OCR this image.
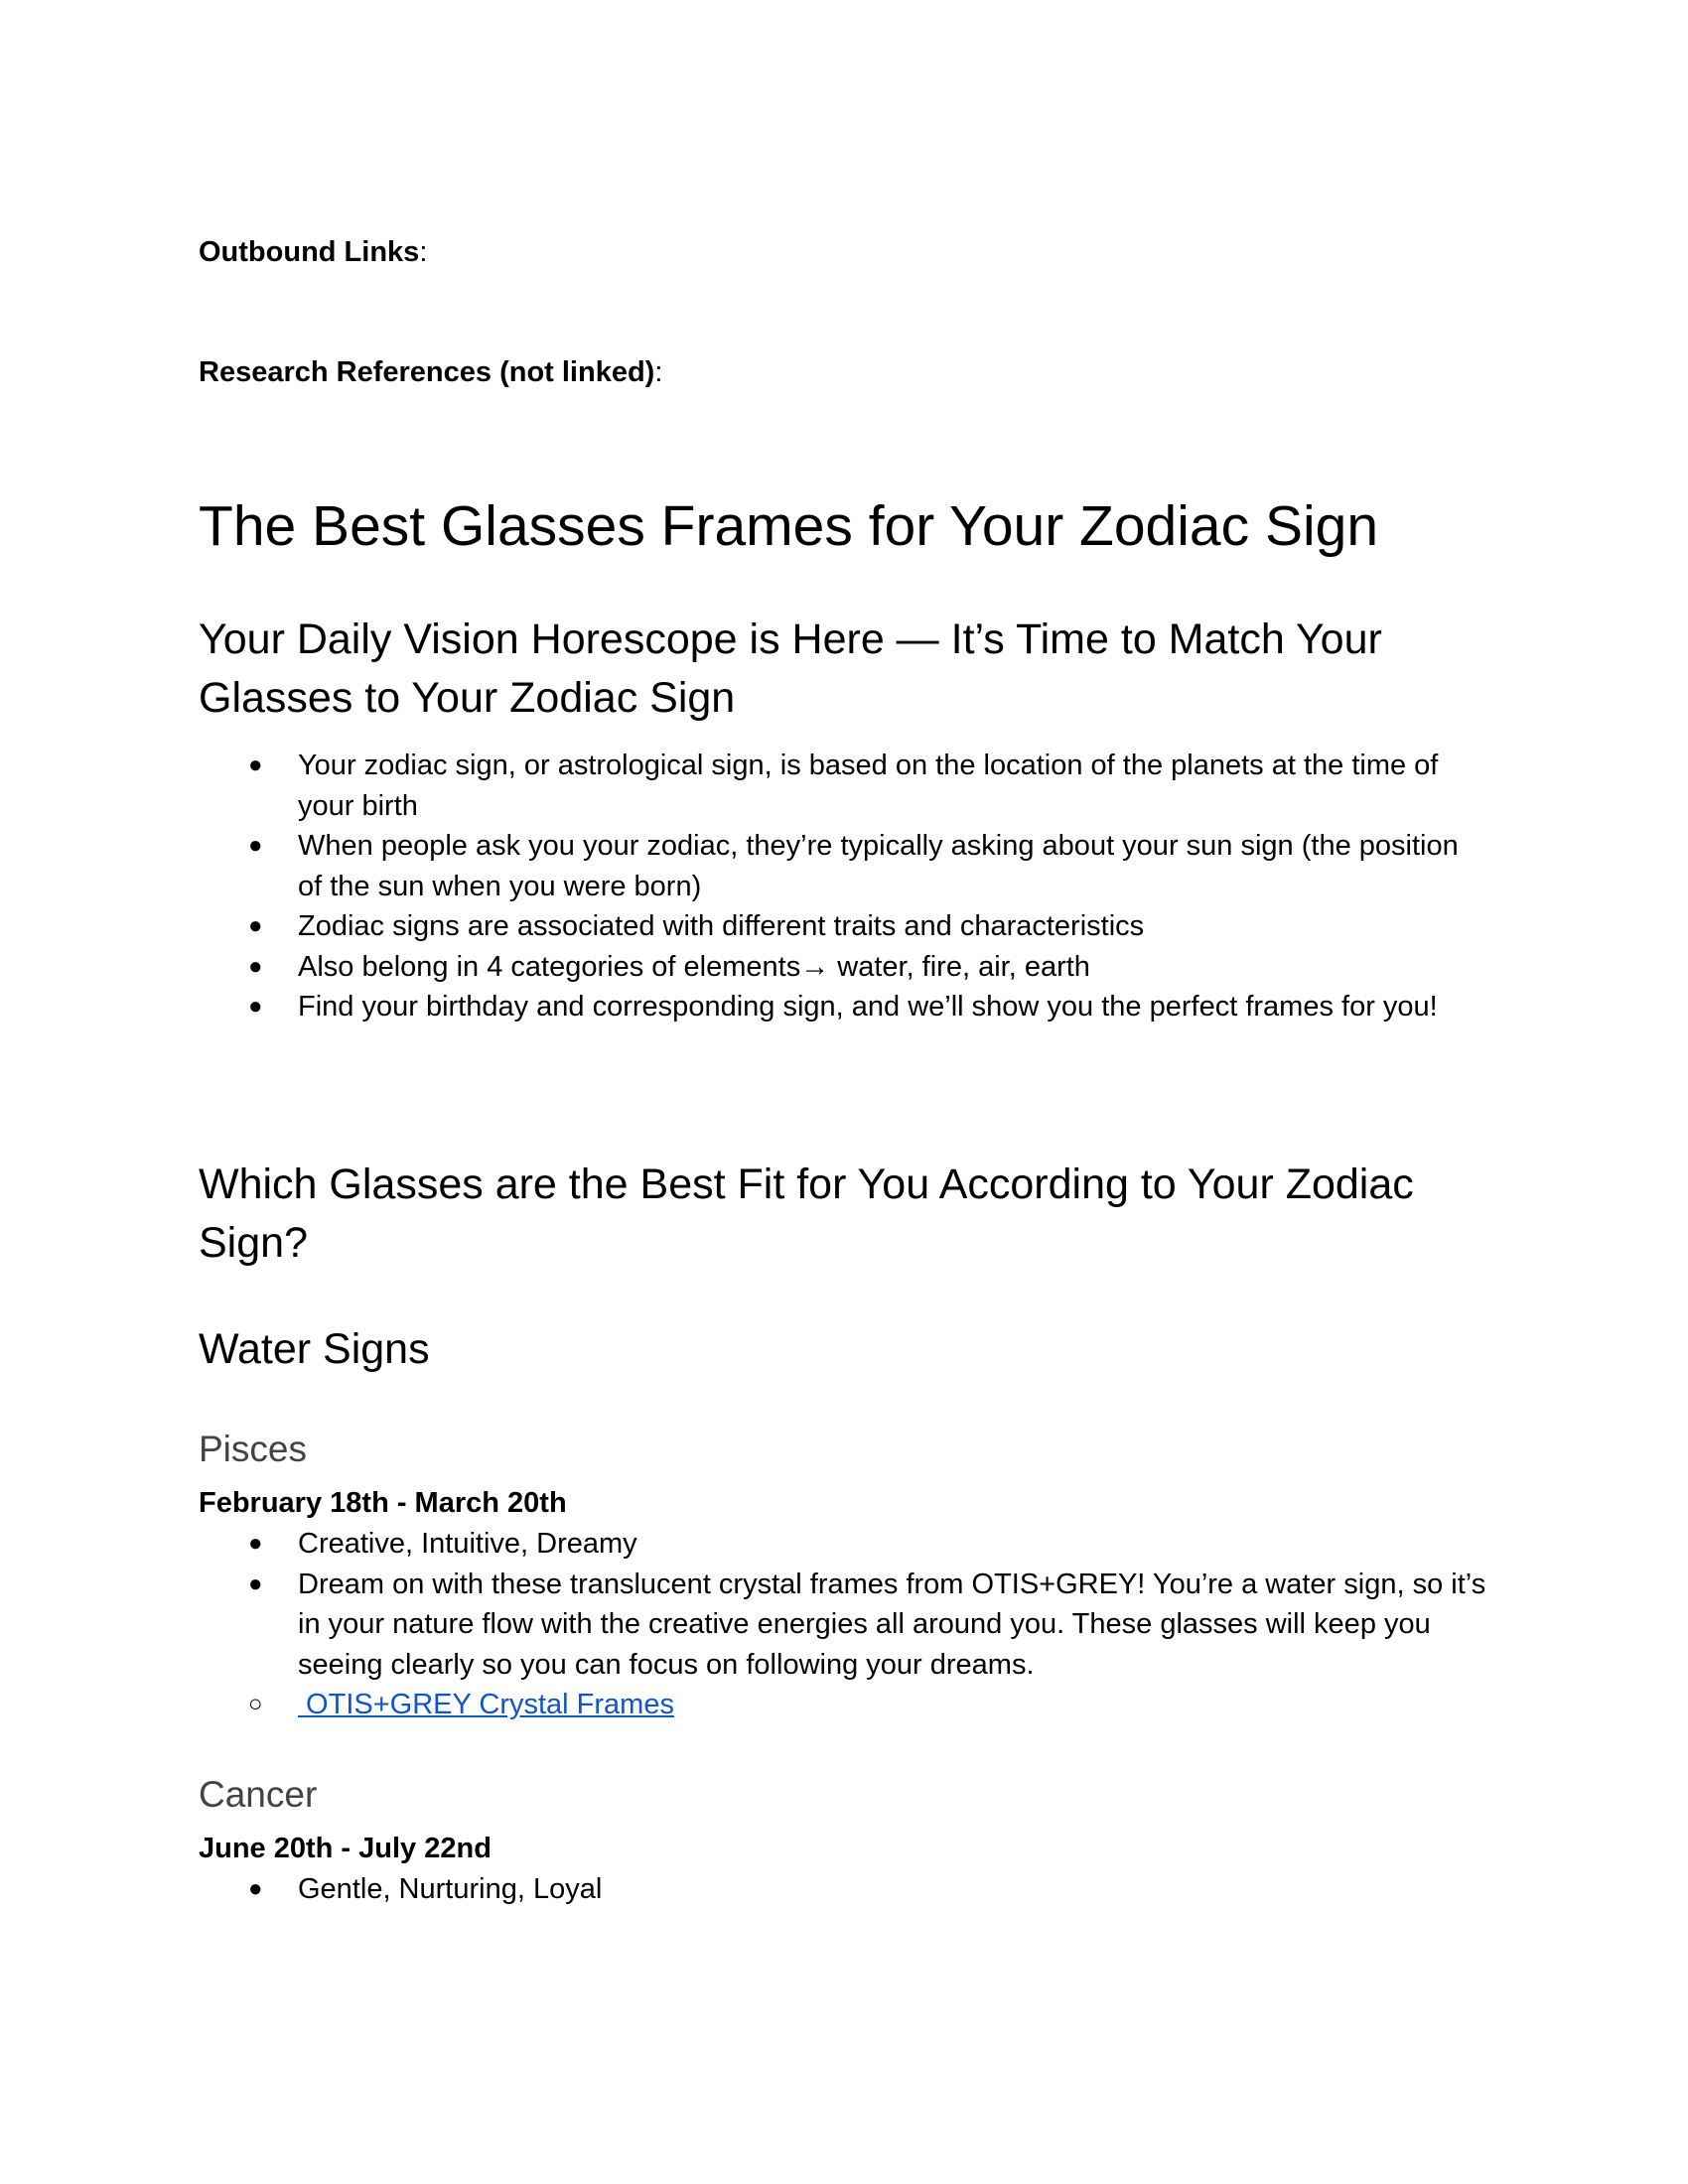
Outbound Links:

Research References (not linked):

The Best Glasses Frames for Your Zodiac Sign
Your Daily Vision Horescope is Here — It’s Time to Match Your Glasses to Your Zodiac Sign
● Your zodiac sign, or astrological sign, is based on the location of the planets at the time of your birth
● When people ask you your zodiac, they’re typically asking about your sun sign (the position of the sun when you were born)
● Zodiac signs are associated with different traits and characteristics
● Also belong in 4 categories of elements→ water, fire, air, earth
● Find your birthday and corresponding sign, and we’ll show you the perfect frames for you!
Which Glasses are the Best Fit for You According to Your Zodiac Sign?
Water Signs
Pisces

February 18th - March 20th

● Creative, Intuitive, Dreamy
● Dream on with these translucent crystal frames from OTIS+GREY! You’re a water sign, so it’s in your nature flow with the creative energies all around you. These glasses will keep you seeing clearly so you can focus on following your dreams.
○  OTIS+GREY Crystal Frames
Cancer

June 20th - July 22nd

● Gentle, Nurturing, Loyal
